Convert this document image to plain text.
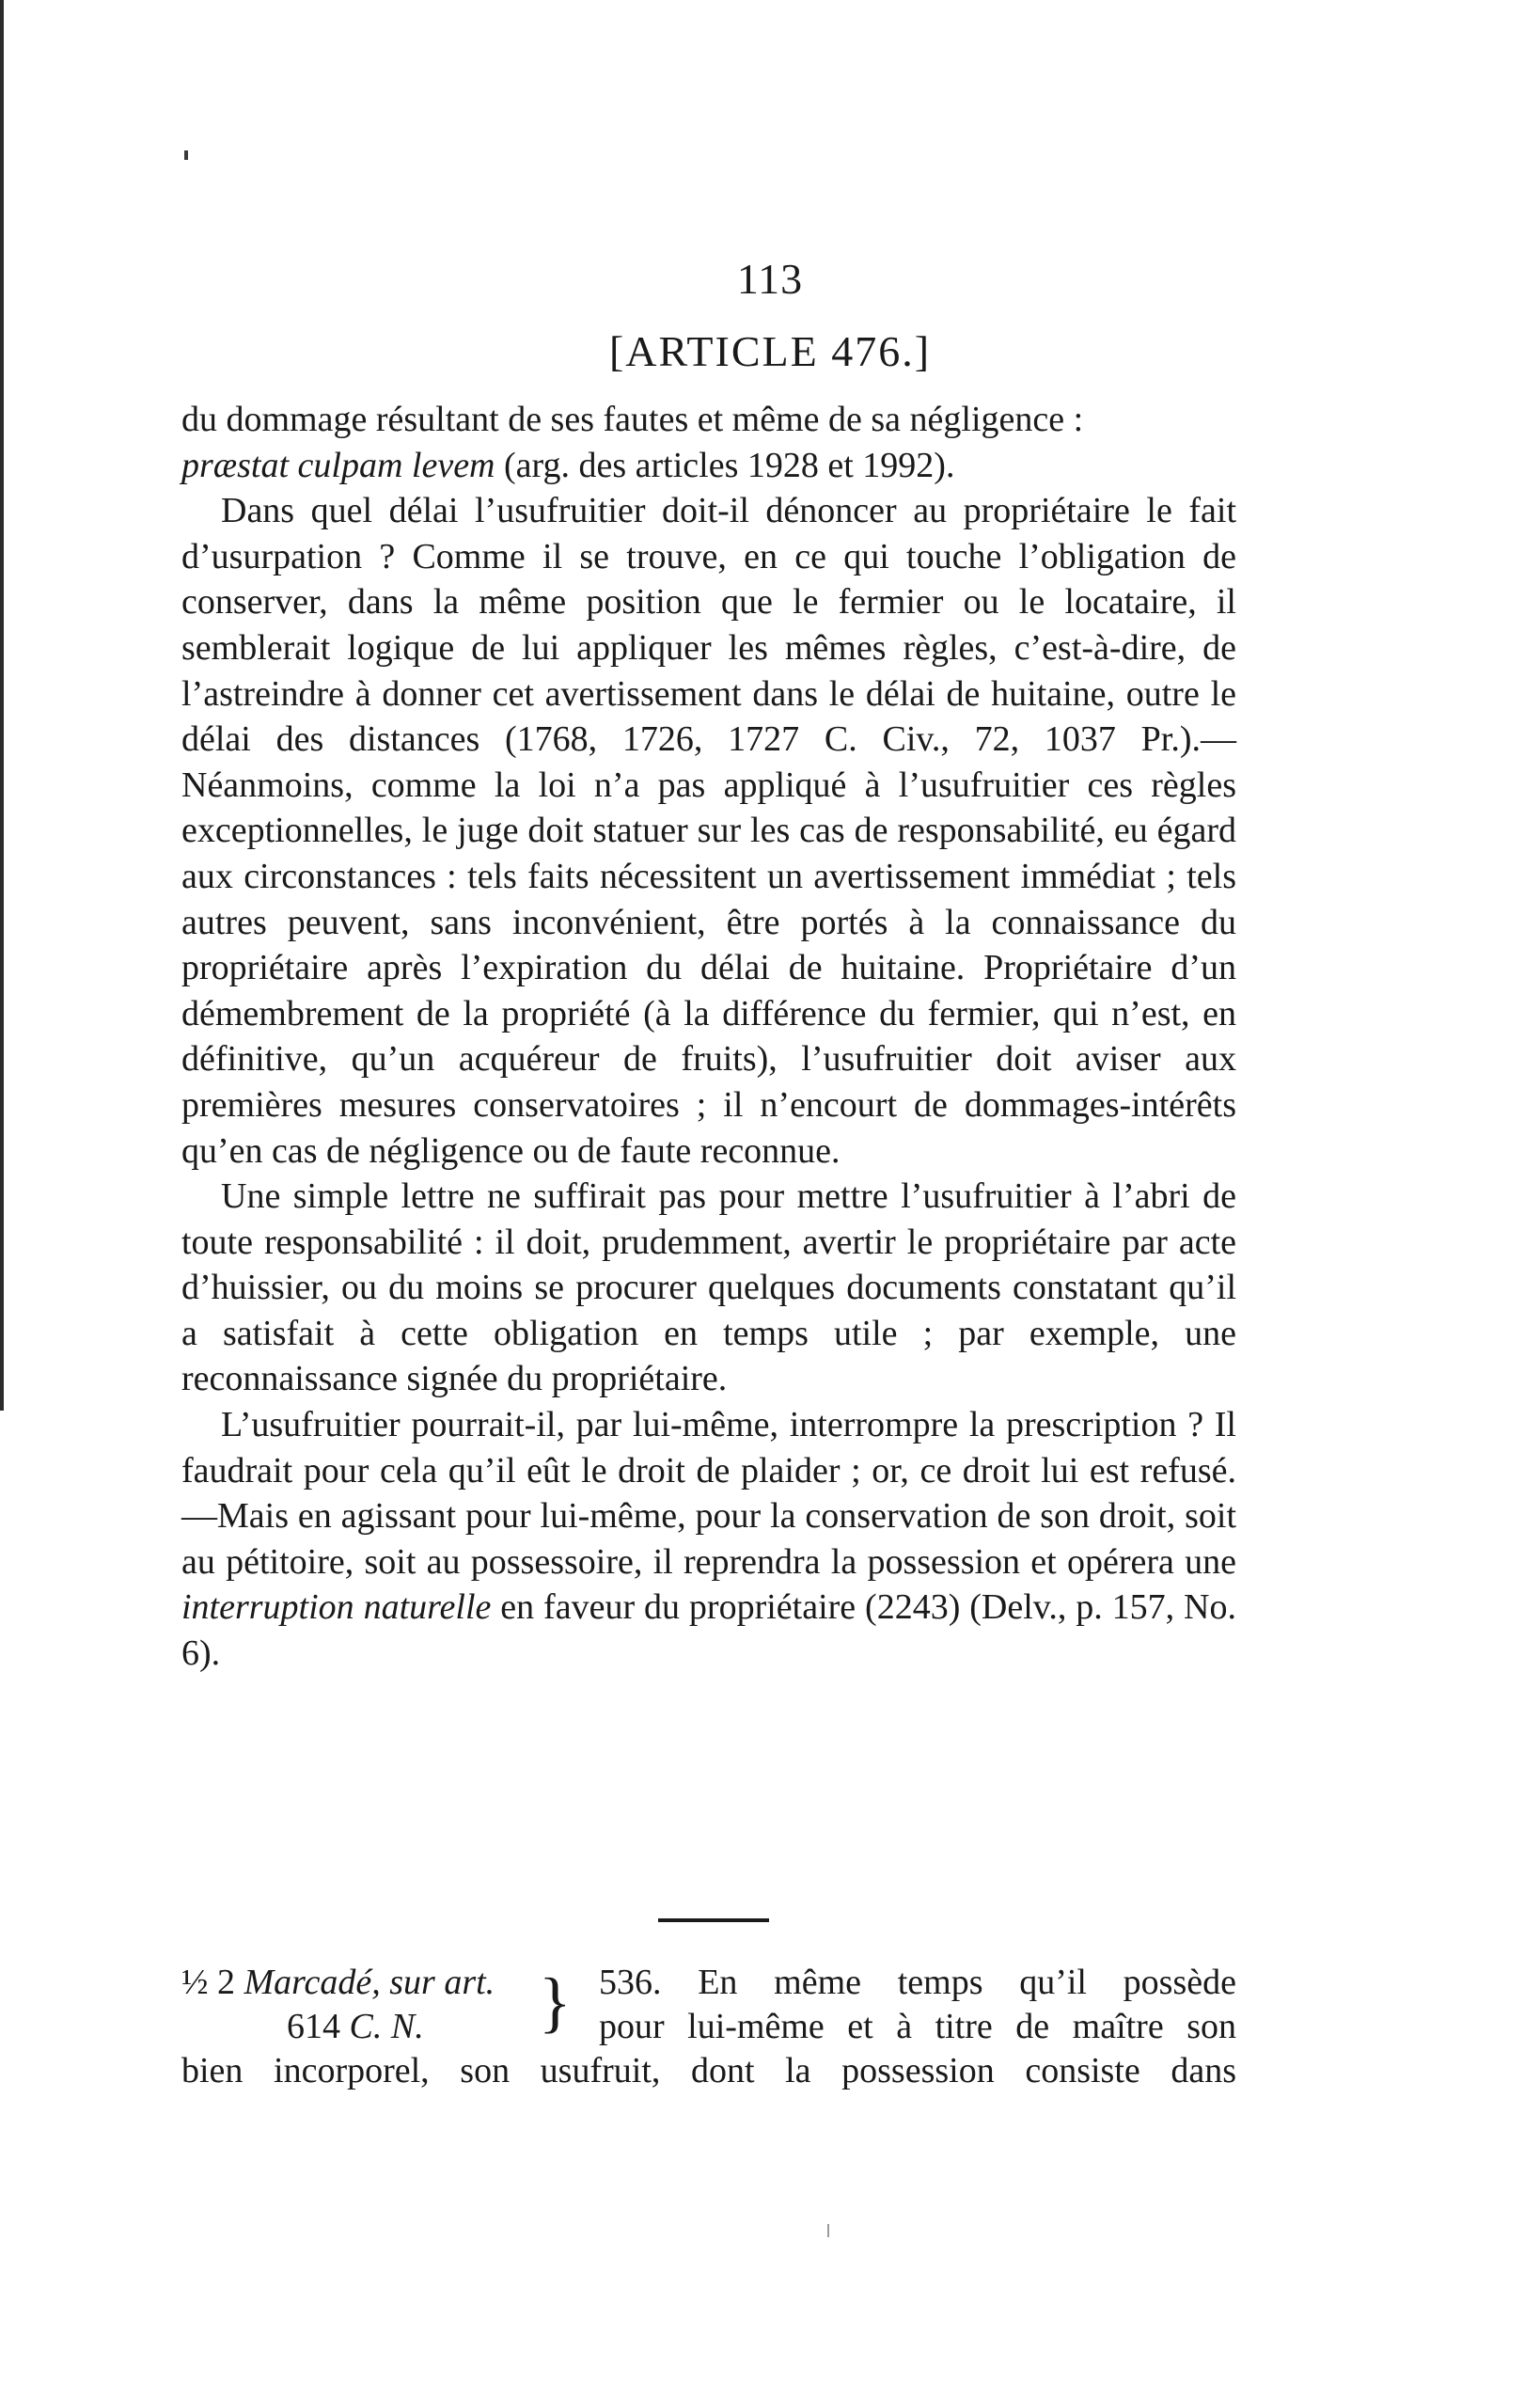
113
[ARTICLE 476.]

du dommage résultant de ses fautes et même de sa négligence :
præstat culpam levem (arg. des articles 1928 et 1992).

Dans quel délai l’usufruitier doit-il dénoncer au propriétaire le fait d’usurpation ? Comme il se trouve, en ce qui touche l’obligation de conserver, dans la même position que le fermier ou le locataire, il semblerait logique de lui appliquer les mêmes règles, c’est-à-dire, de l’astreindre à donner cet avertissement dans le délai de huitaine, outre le délai des distances (1768, 1726, 1727 C. Civ., 72, 1037 Pr.).— Néanmoins, comme la loi n’a pas appliqué à l’usufruitier ces règles exceptionnelles, le juge doit statuer sur les cas de responsabilité, eu égard aux circonstances : tels faits nécessitent un avertissement immédiat ; tels autres peuvent, sans inconvénient, être portés à la connaissance du propriétaire après l’expiration du délai de huitaine. Propriétaire d’un démembrement de la propriété (à la différence du fermier, qui n’est, en définitive, qu’un acquéreur de fruits), l’usufruitier doit aviser aux premières mesures conservatoires ; il n’encourt de dommages-intérêts qu’en cas de négligence ou de faute reconnue.

Une simple lettre ne suffirait pas pour mettre l’usufruitier à l’abri de toute responsabilité : il doit, prudemment, avertir le propriétaire par acte d’huissier, ou du moins se procurer quelques documents constatant qu’il a satisfait à cette obligation en temps utile ; par exemple, une reconnaissance signée du propriétaire.

L’usufruitier pourrait-il, par lui-même, interrompre la prescription ? Il faudrait pour cela qu’il eût le droit de plaider ; or, ce droit lui est refusé.—Mais en agissant pour lui-même, pour la conservation de son droit, soit au pétitoire, soit au possessoire, il reprendra la possession et opérera une interruption naturelle en faveur du propriétaire (2243) (Delv., p. 157, No. 6).

½ 2 Marcadé, sur art. } 536. En même temps qu’il possède
614 C. N.	pour lui-même et à titre de maître son
bien incorporel, son usufruit, dont la possession consiste dans
